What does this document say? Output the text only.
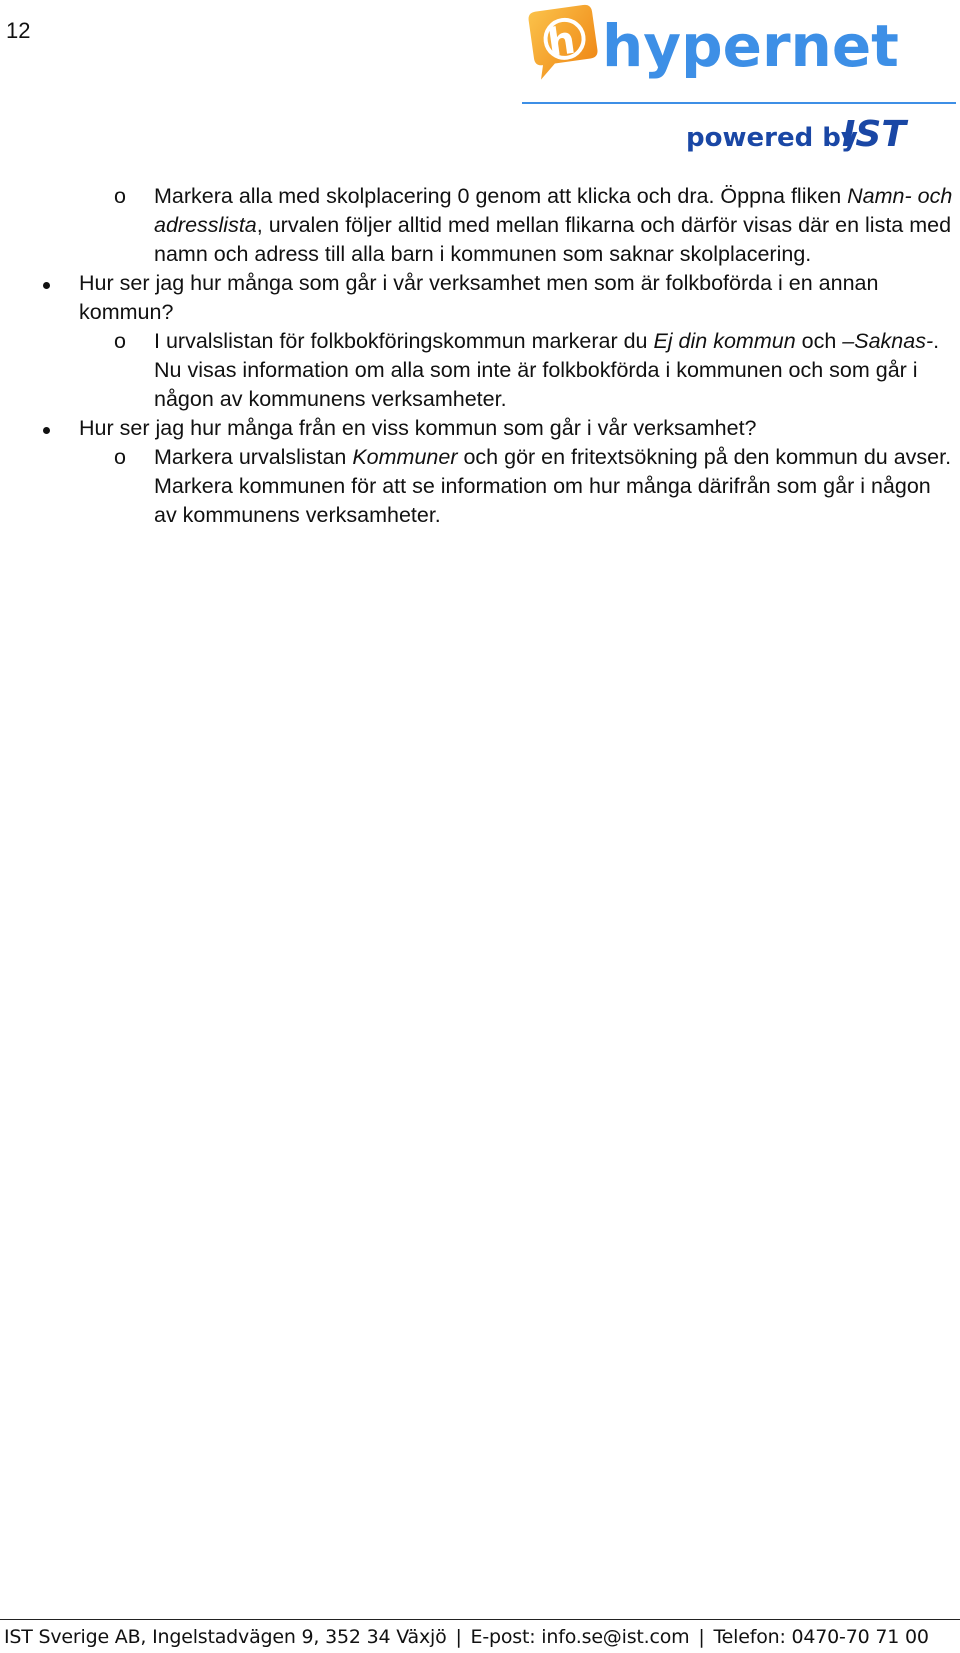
12	h hypernet
powered by
IST
o Markera alla med skolplacering 0 genom att klicka och dra. Öppna fliken Namn- och adresslista, urvalen följer alltid med mellan flikarna och därför visas där en lista med namn och adress till alla barn i kommunen som saknar skolplacering.
Hur ser jag hur många som går i vår verksamhet men som är folkboförda i en annan kommun?
o I urvalslistan för folkbokföringskommun markerar du Ej din kommun och –Saknas-. Nu visas information om alla som inte är folkbokförda i kommunen och som går i någon av kommunens verksamheter.
Hur ser jag hur många från en viss kommun som går i vår verksamhet?
o Markera urvalslistan Kommuner och gör en fritextsökning på den kommun du avser. Markera kommunen för att se information om hur många därifrån som går i någon av kommunens verksamheter.
IST Sverige AB, Ingelstadvägen 9, 352 34 Växjö | E-post: info.se@ist.com | Telefon: 0470-70 71 00
